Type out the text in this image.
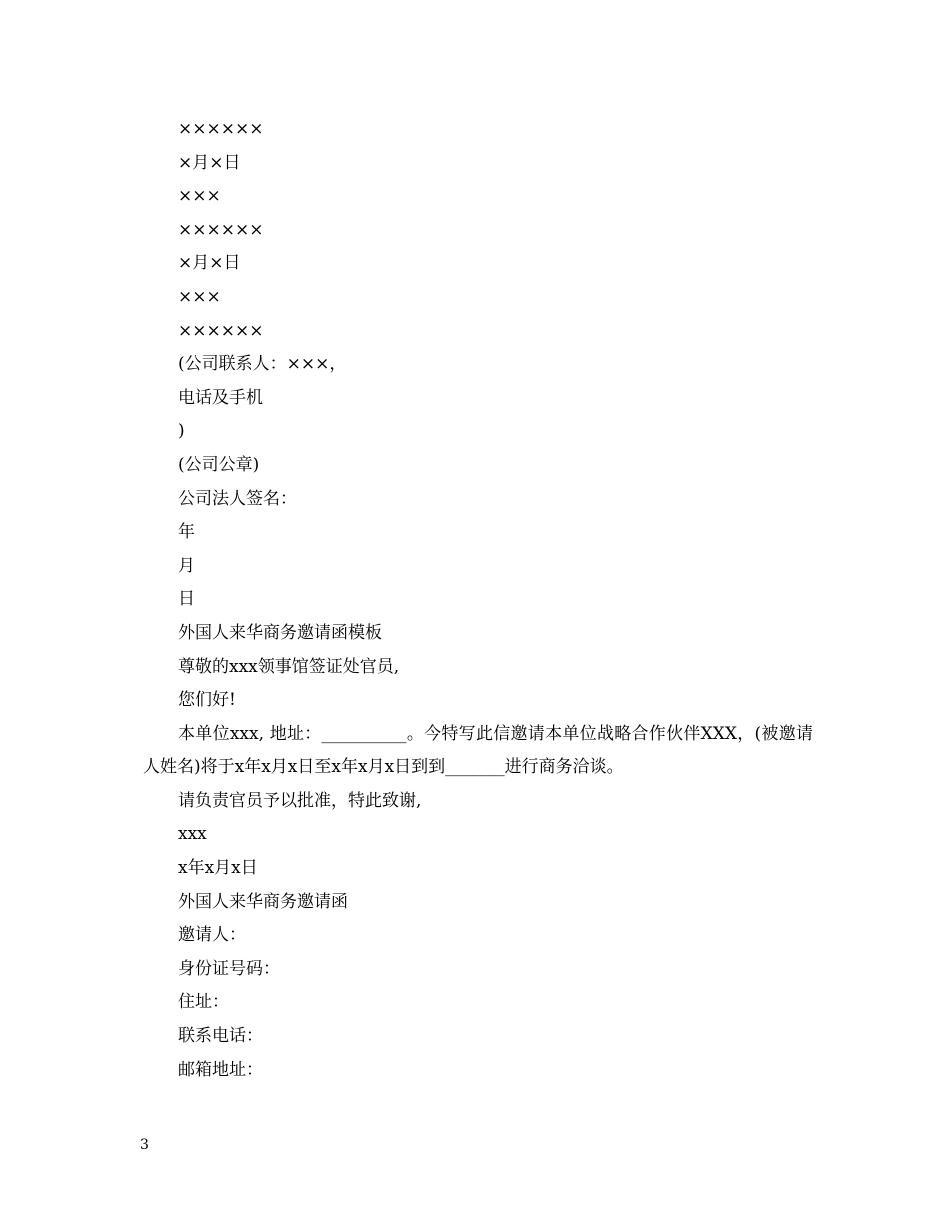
××××××
×月×日
×××
××××××
×月×日
×××
××××××
(公司联系人：×××，
电话及手机
)
(公司公章)
公司法人签名：
年
月
日
外国人来华商务邀请函模板
尊敬的xxx领事馆签证处官员,
您们好!
本单位xxx, 地址：__________。今特写此信邀请本单位战略合作伙伴XXX，(被邀请人姓名)将于x年x月x日至x年x月x日到到_______进行商务洽谈。
请负责官员予以批准，特此致谢,
xxx
x年x月x日
外国人来华商务邀请函
邀请人：
身份证号码：
住址：
联系电话：
邮箱地址：
3
